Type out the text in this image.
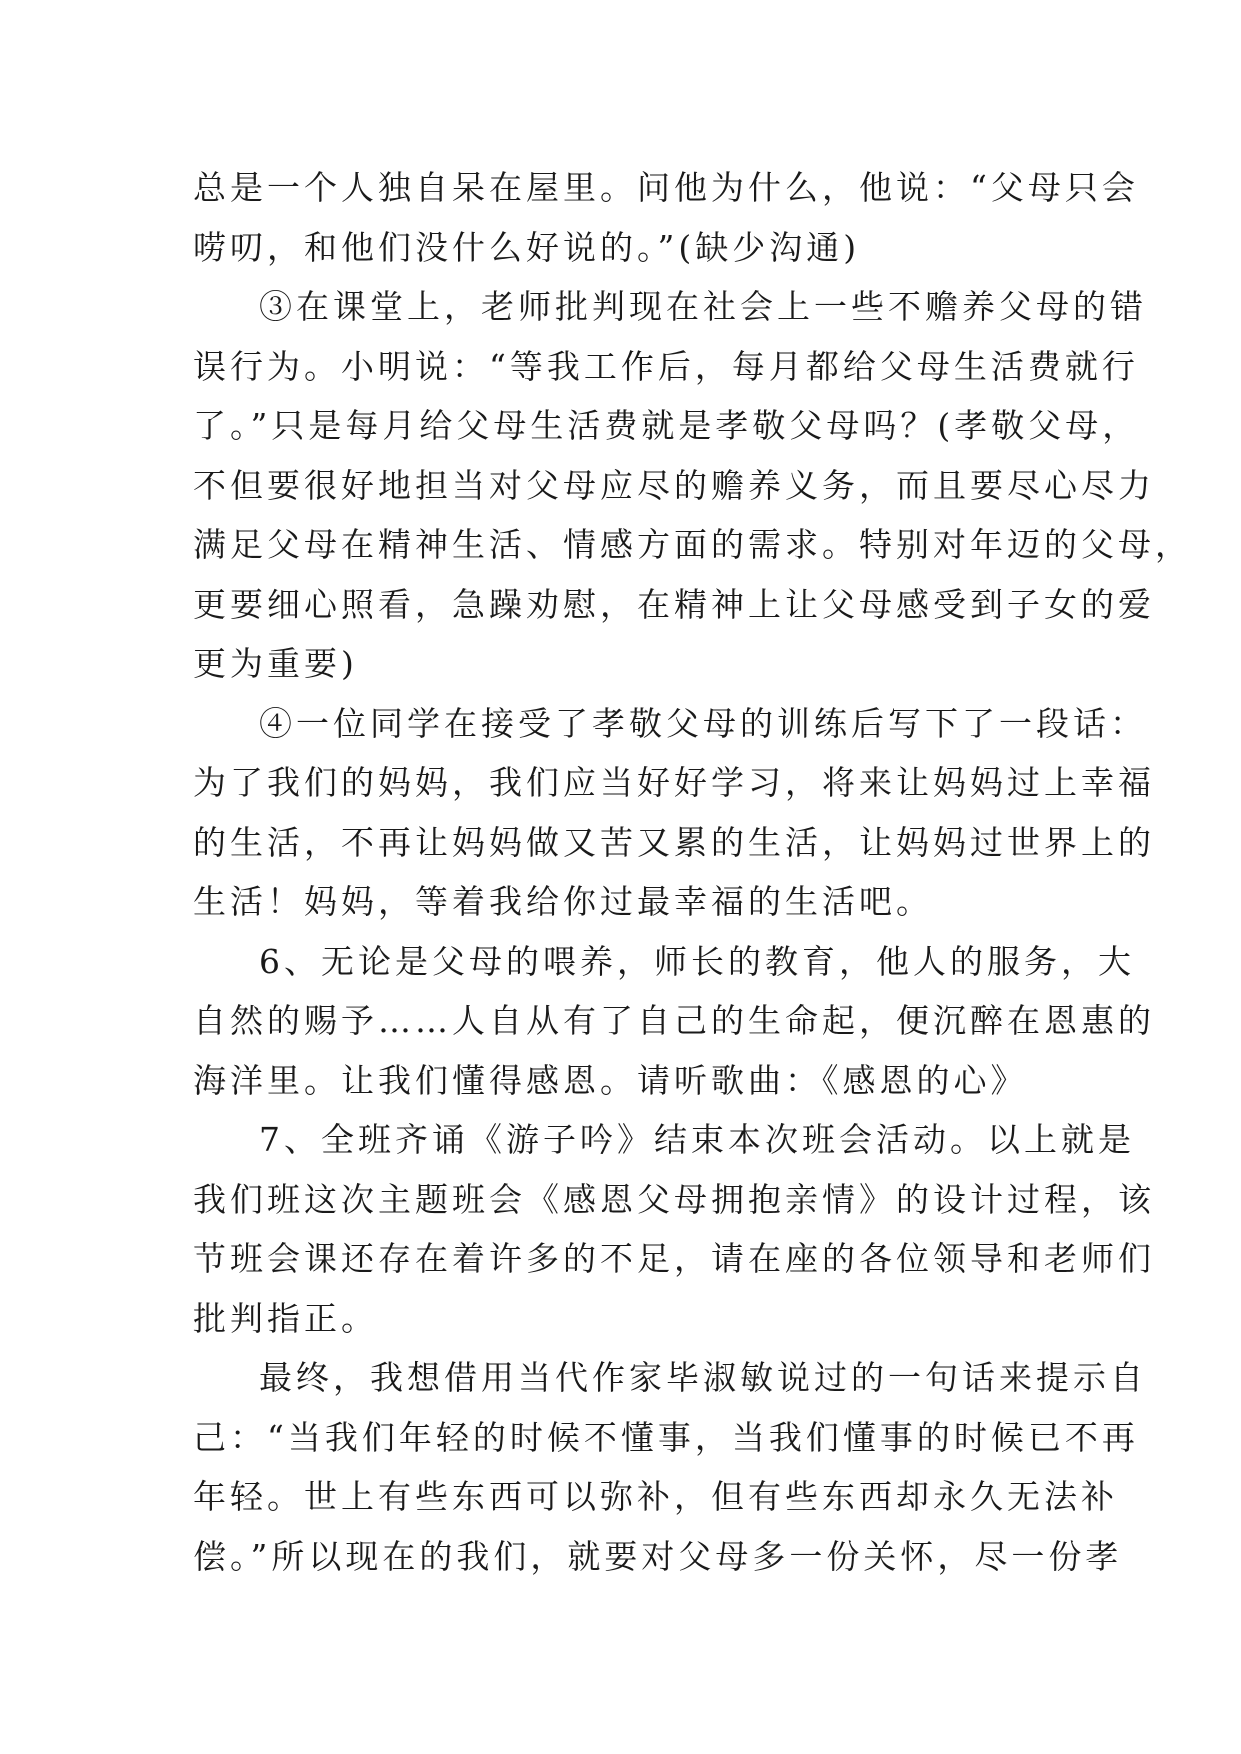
总是一个人独自呆在屋里。问他为什么，他说：“父母只会
唠叨，和他们没什么好说的。”(缺少沟通)
③在课堂上，老师批判现在社会上一些不赡养父母的错
误行为。小明说：“等我工作后，每月都给父母生活费就行
了。”只是每月给父母生活费就是孝敬父母吗？(孝敬父母，
不但要很好地担当对父母应尽的赡养义务，而且要尽心尽力
满足父母在精神生活、情感方面的需求。特别对年迈的父母，
更要细心照看，急躁劝慰，在精神上让父母感受到子女的爱
更为重要)
④一位同学在接受了孝敬父母的训练后写下了一段话：
为了我们的妈妈，我们应当好好学习，将来让妈妈过上幸福
的生活，不再让妈妈做又苦又累的生活，让妈妈过世界上的
生活！妈妈，等着我给你过最幸福的生活吧。
6、无论是父母的喂养，师长的教育，他人的服务，大
自然的赐予……人自从有了自己的生命起，便沉醉在恩惠的
海洋里。让我们懂得感恩。请听歌曲：《感恩的心》
7、全班齐诵《游子吟》结束本次班会活动。以上就是
我们班这次主题班会《感恩父母拥抱亲情》的设计过程，该
节班会课还存在着许多的不足，请在座的各位领导和老师们
批判指正。
最终，我想借用当代作家毕淑敏说过的一句话来提示自
己：“当我们年轻的时候不懂事，当我们懂事的时候已不再
年轻。世上有些东西可以弥补，但有些东西却永久无法补
偿。”所以现在的我们，就要对父母多一份关怀，尽一份孝
